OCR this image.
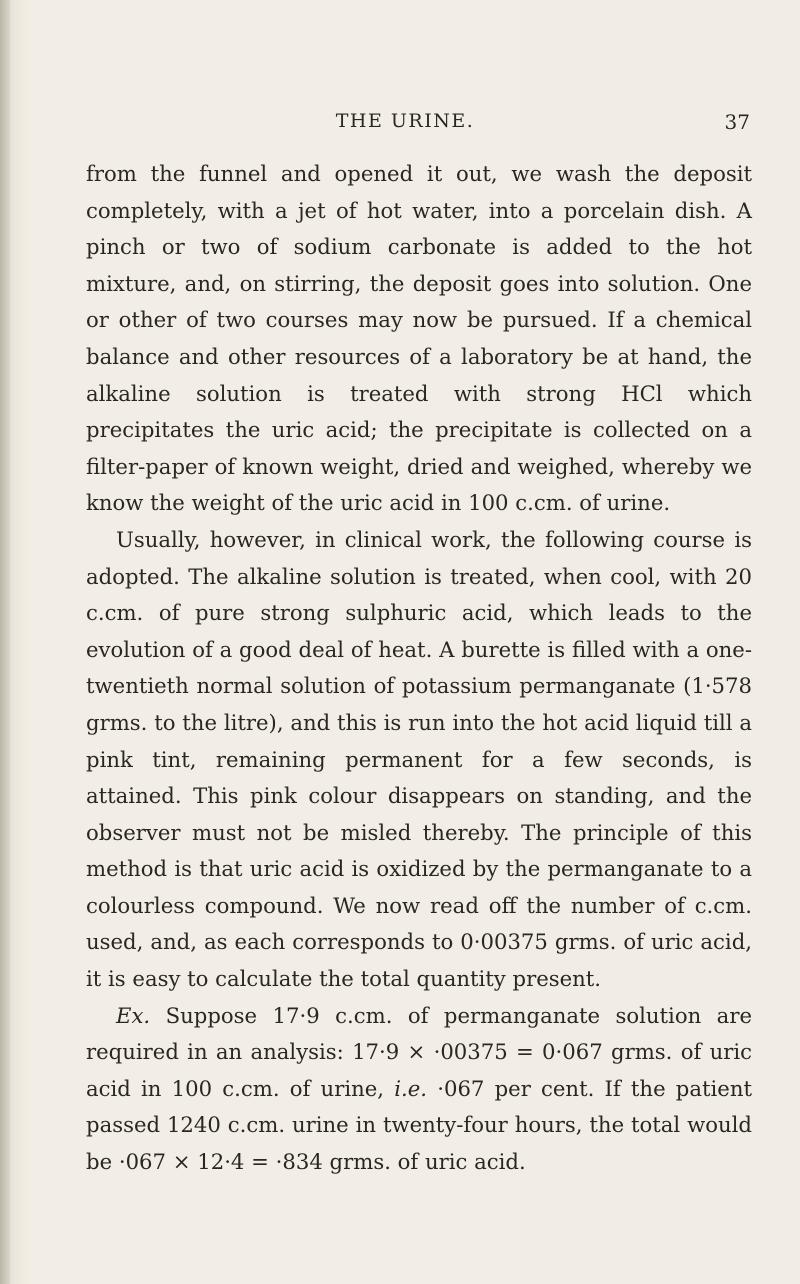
THE URINE.	37

from the funnel and opened it out, we wash the deposit completely, with a jet of hot water, into a porcelain dish. A pinch or two of sodium carbonate is added to the hot mixture, and, on stirring, the deposit goes into solution. One or other of two courses may now be pursued. If a chemical balance and other resources of a laboratory be at hand, the alkaline solution is treated with strong HCl which precipitates the uric acid; the precipitate is collected on a filter-paper of known weight, dried and weighed, whereby we know the weight of the uric acid in 100 c.cm. of urine.

Usually, however, in clinical work, the following course is adopted. The alkaline solution is treated, when cool, with 20 c.cm. of pure strong sulphuric acid, which leads to the evolution of a good deal of heat. A burette is filled with a one-twentieth normal solution of potassium permanganate (1·578 grms. to the litre), and this is run into the hot acid liquid till a pink tint, remaining permanent for a few seconds, is attained. This pink colour disappears on standing, and the observer must not be misled thereby. The principle of this method is that uric acid is oxidized by the permanganate to a colourless compound. We now read off the number of c.cm. used, and, as each corresponds to 0·00375 grms. of uric acid, it is easy to calculate the total quantity present.

Ex. Suppose 17·9 c.cm. of permanganate solution are required in an analysis: 17·9 × ·00375 = 0·067 grms. of uric acid in 100 c.cm. of urine, i.e. ·067 per cent. If the patient passed 1240 c.cm. urine in twenty-four hours, the total would be ·067 × 12·4 = ·834 grms. of uric acid.
